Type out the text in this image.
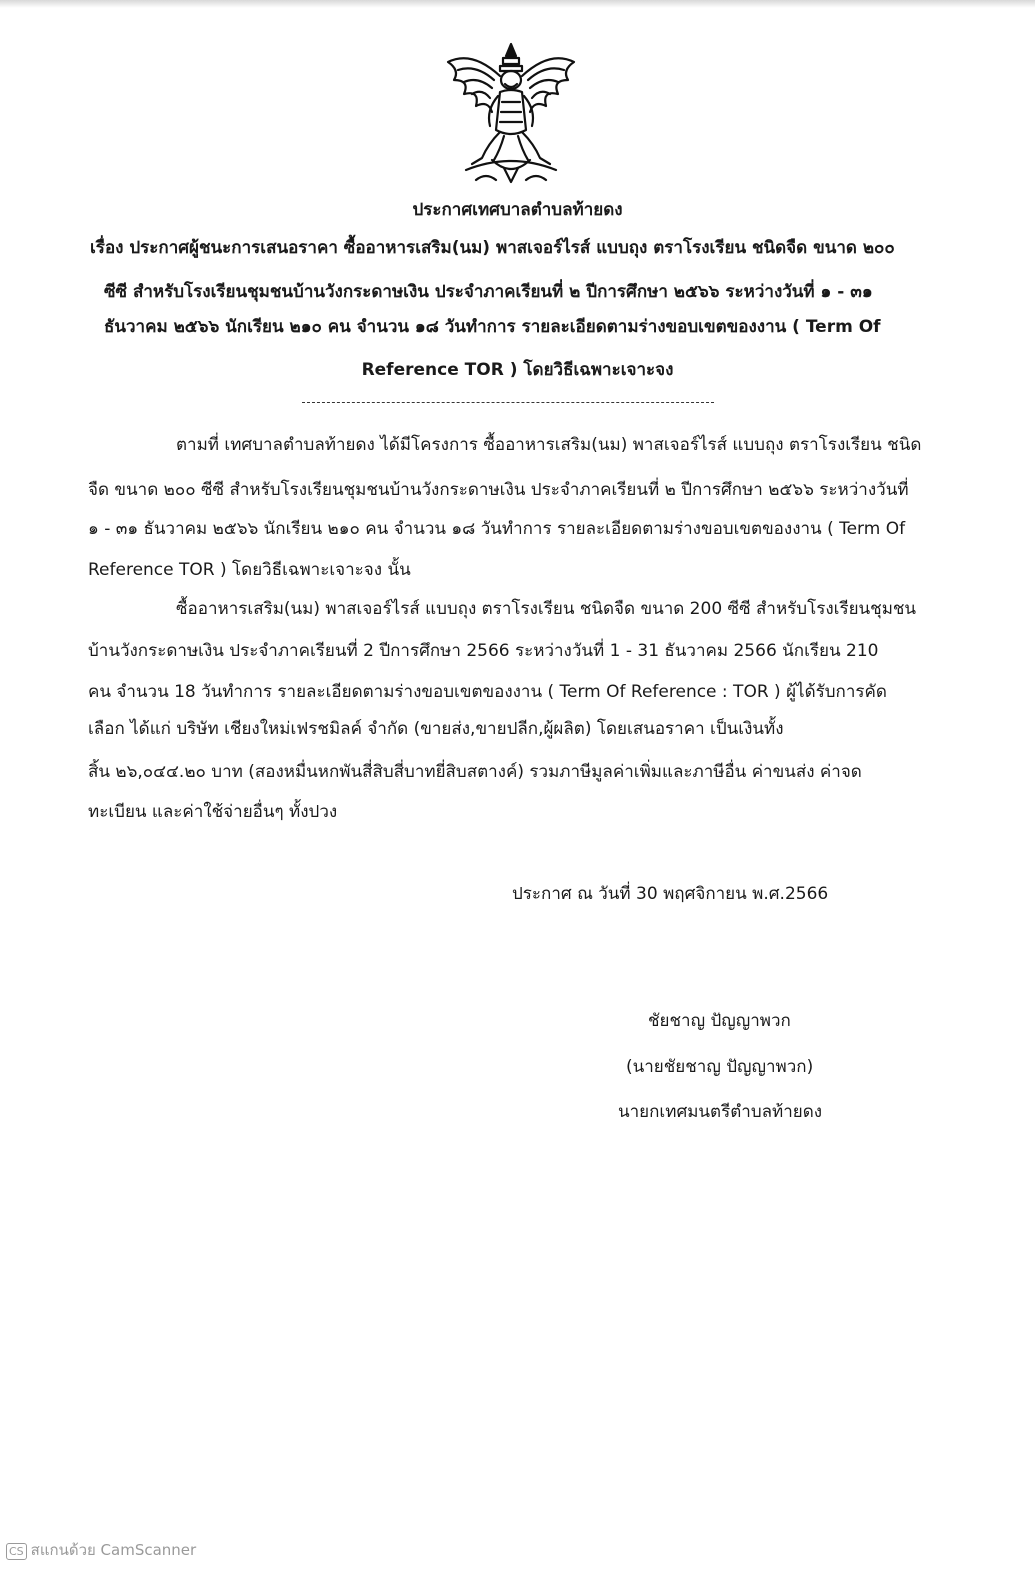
ประกาศเทศบาลตำบลท้ายดง
เรื่อง ประกาศผู้ชนะการเสนอราคา ซื้ออาหารเสริม(นม) พาสเจอร์ไรส์ แบบถุง ตราโรงเรียน ชนิดจืด ขนาด ๒๐๐
ซีซี สำหรับโรงเรียนชุมชนบ้านวังกระดาษเงิน ประจำภาคเรียนที่ ๒ ปีการศึกษา ๒๕๖๖ ระหว่างวันที่ ๑ - ๓๑
ธันวาคม ๒๕๖๖ นักเรียน ๒๑๐ คน จำนวน ๑๘ วันทำการ รายละเอียดตามร่างขอบเขตของงาน ( Term Of
Reference TOR ) โดยวิธีเฉพาะเจาะจง
ตามที่ เทศบาลตำบลท้ายดง ได้มีโครงการ ซื้ออาหารเสริม(นม) พาสเจอร์ไรส์ แบบถุง ตราโรงเรียน ชนิด
จืด ขนาด ๒๐๐ ซีซี สำหรับโรงเรียนชุมชนบ้านวังกระดาษเงิน ประจำภาคเรียนที่ ๒ ปีการศึกษา ๒๕๖๖ ระหว่างวันที่
๑ - ๓๑ ธันวาคม ๒๕๖๖ นักเรียน ๒๑๐ คน จำนวน ๑๘ วันทำการ รายละเอียดตามร่างขอบเขตของงาน ( Term Of
Reference TOR ) โดยวิธีเฉพาะเจาะจง นั้น
ซื้ออาหารเสริม(นม) พาสเจอร์ไรส์ แบบถุง ตราโรงเรียน ชนิดจืด ขนาด 200 ซีซี สำหรับโรงเรียนชุมชน
บ้านวังกระดาษเงิน ประจำภาคเรียนที่ 2 ปีการศึกษา 2566 ระหว่างวันที่ 1 - 31 ธันวาคม 2566 นักเรียน 210
คน จำนวน 18 วันทำการ รายละเอียดตามร่างขอบเขตของงาน ( Term Of Reference : TOR ) ผู้ได้รับการคัด
เลือก ได้แก่ บริษัท เชียงใหม่เฟรชมิลค์ จำกัด (ขายส่ง,ขายปลีก,ผู้ผลิต) โดยเสนอราคา เป็นเงินทั้ง
สิ้น ๒๖,๐๔๔.๒๐ บาท (สองหมื่นหกพันสี่สิบสี่บาทยี่สิบสตางค์) รวมภาษีมูลค่าเพิ่มและภาษีอื่น ค่าขนส่ง ค่าจด
ทะเบียน และค่าใช้จ่ายอื่นๆ ทั้งปวง
ประกาศ ณ วันที่ 30 พฤศจิกายน พ.ศ.2566
ชัยชาญ ปัญญาพวก
(นายชัยชาญ ปัญญาพวก)
นายกเทศมนตรีตำบลท้ายดง
CS สแกนด้วย CamScanner
